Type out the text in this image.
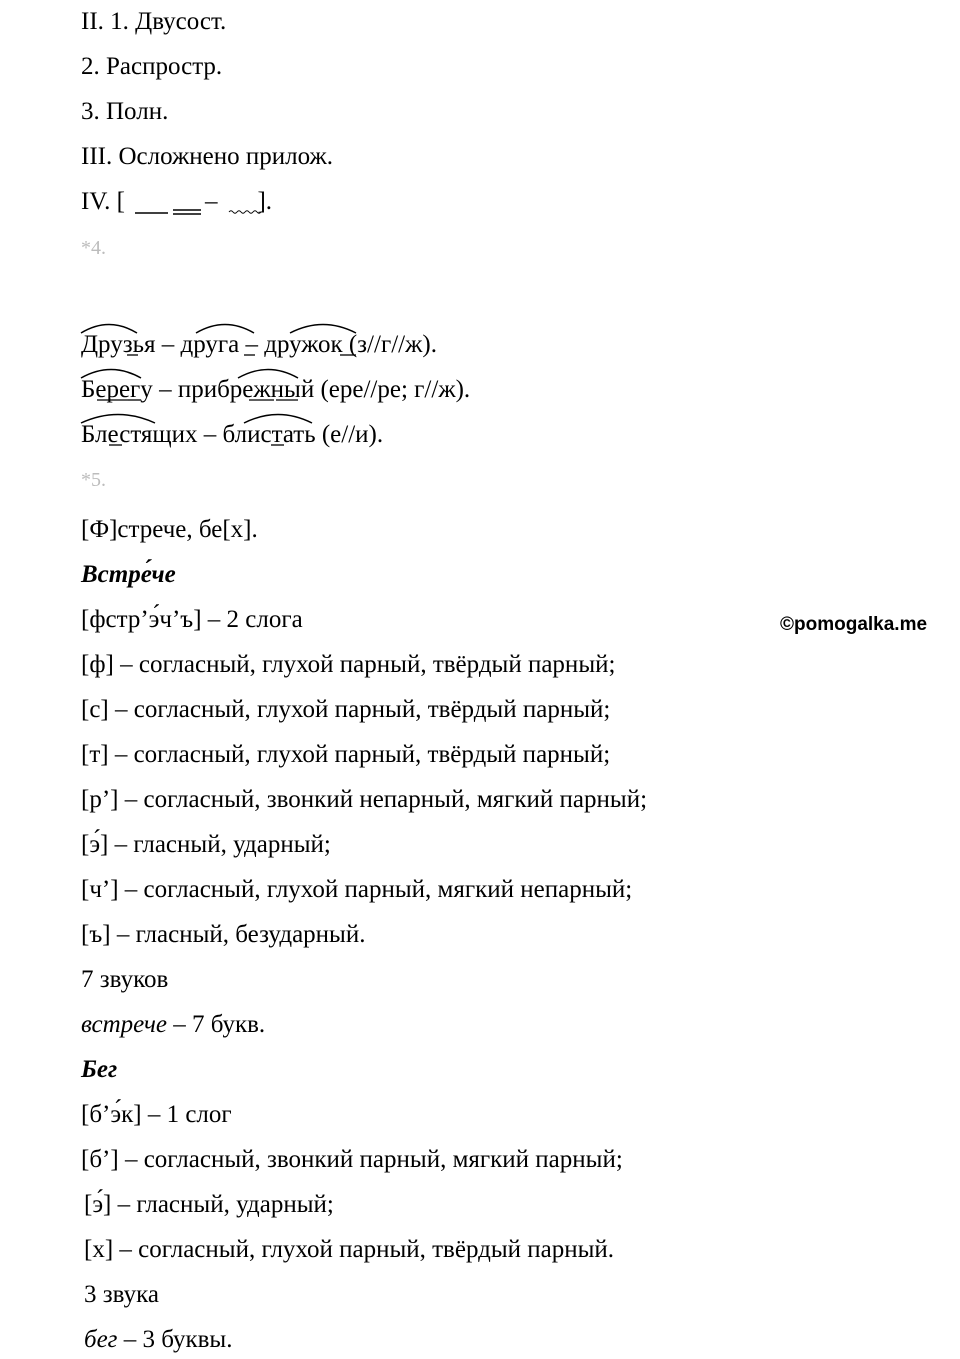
II. 1. Двусост.
2. Распростр.
3. Полн.
III. Осложнено прилож.
IV. [	– ].
*4.
Друзья – друга – дружок (з//г//ж).
Берегу – прибрежный (ере//ре; г//ж).
Блестящих – блистать (е//и).
*5.
[Ф]стрече, бе[х].
Встре́че
[фстр’э́ч’ъ] – 2 слога
[ф] – согласный, глухой парный, твёрдый парный;
[с] – согласный, глухой парный, твёрдый парный;
[т] – согласный, глухой парный, твёрдый парный;
[р’] – согласный, звонкий непарный, мягкий парный;
[э́] – гласный, ударный;
[ч’] – согласный, глухой парный, мягкий непарный;
[ъ] – гласный, безударный.
7 звуков
встрече – 7 букв.
Бег
[б’э́к] – 1 слог
[б’] – согласный, звонкий парный, мягкий парный;
[э́] – гласный, ударный;
[х] – согласный, глухой парный, твёрдый парный.
3 звука
бег – 3 буквы.
©pomogalka.me
